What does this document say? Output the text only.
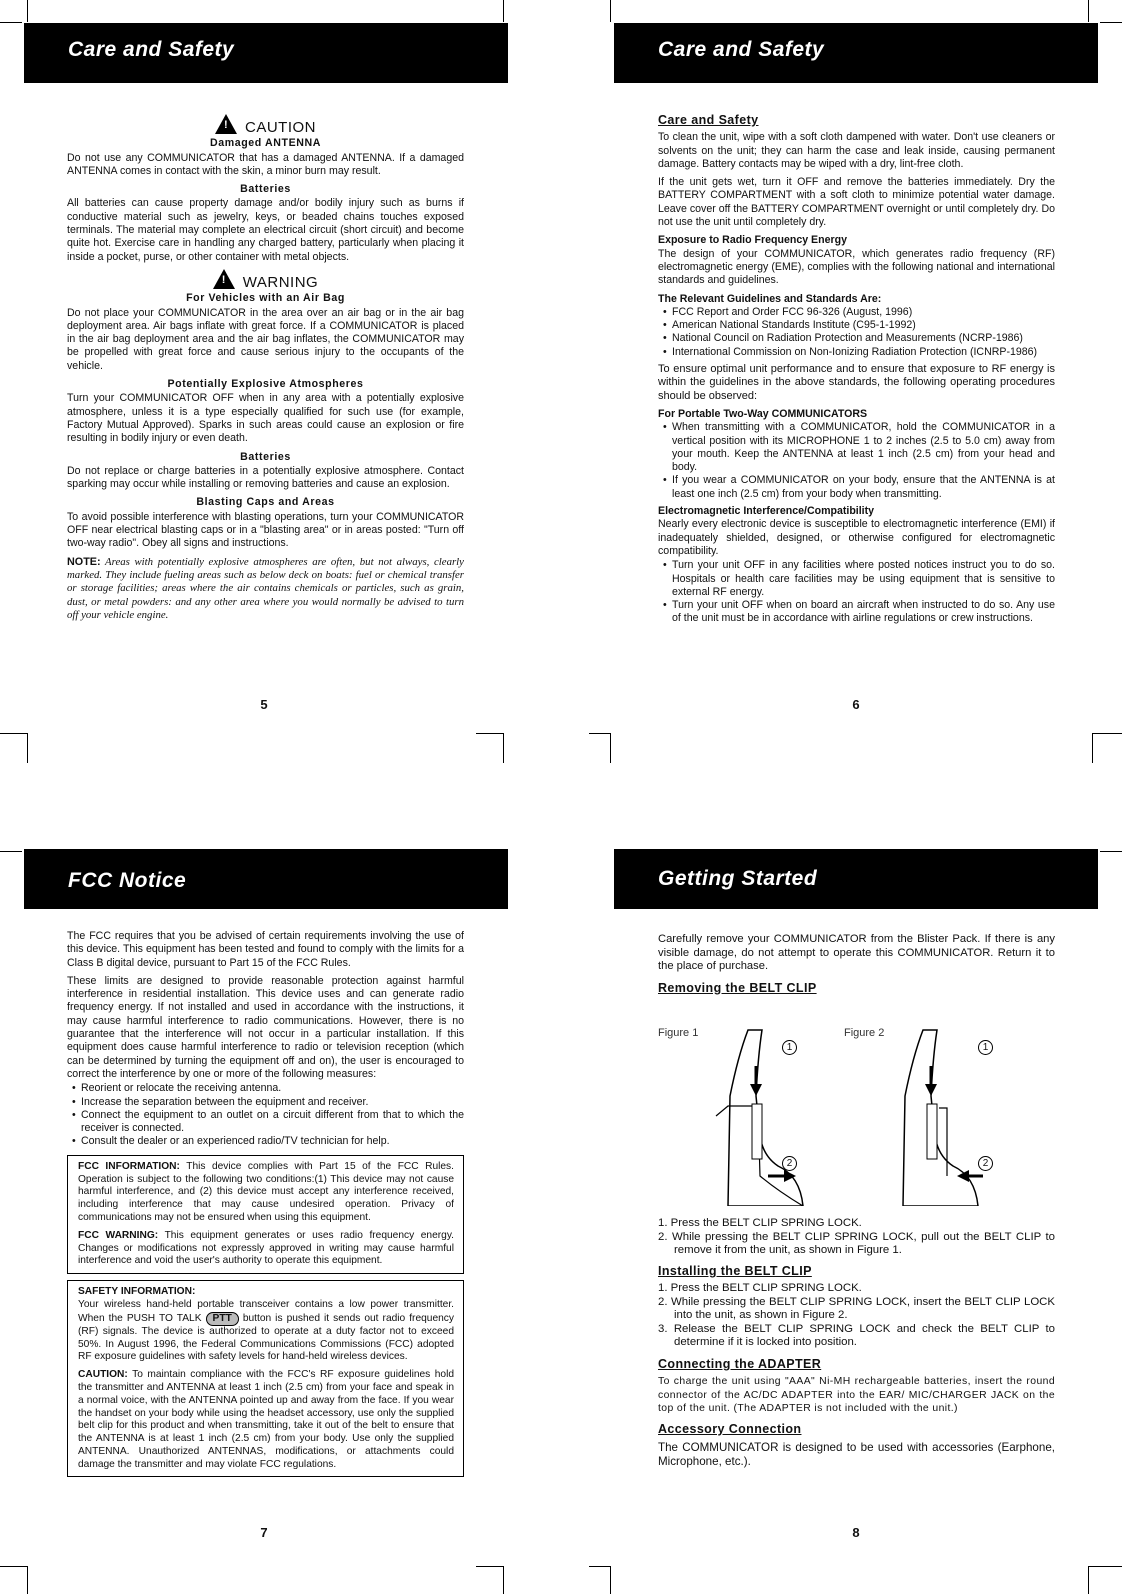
Care and Safety
! CAUTION
Damaged ANTENNA

Do not use any COMMUNICATOR that has a damaged ANTENNA. If a damaged ANTENNA comes in contact with the skin, a minor burn may result.

Batteries

All batteries can cause property damage and/or bodily injury such as burns if conductive material such as jewelry, keys, or beaded chains touches exposed terminals. The material may complete an electrical circuit (short circuit) and become quite hot. Exercise care in handling any charged battery, particularly when placing it inside a pocket, purse, or other container with metal objects.

! WARNING
For Vehicles with an Air Bag

Do not place your COMMUNICATOR in the area over an air bag or in the air bag deployment area. Air bags inflate with great force. If a COMMUNICATOR is placed in the air bag deployment area and the air bag inflates, the COMMUNICATOR may be propelled with great force and cause serious injury to the occupants of the vehicle.

Potentially Explosive Atmospheres

Turn your COMMUNICATOR OFF when in any area with a potentially explosive atmosphere, unless it is a type especially qualified for such use (for example, Factory Mutual Approved). Sparks in such areas could cause an explosion or fire resulting in bodily injury or even death.

Batteries

Do not replace or charge batteries in a potentially explosive atmosphere. Contact sparking may occur while installing or removing batteries and cause an explosion.

Blasting Caps and Areas

To avoid possible interference with blasting operations, turn your COMMUNICATOR OFF near electrical blasting caps or in a "blasting area" or in areas posted: "Turn off two-way radio". Obey all signs and instructions.

NOTE: Areas with potentially explosive atmospheres are often, but not always, clearly marked. They include fueling areas such as below deck on boats: fuel or chemical transfer or storage facilities; areas where the air contains chemicals or particles, such as grain, dust, or metal powders: and any other area where you would normally be advised to turn off your vehicle engine.
5
Care and Safety
Care and Safety

To clean the unit, wipe with a soft cloth dampened with water. Don't use cleaners or solvents on the unit; they can harm the case and leak inside, causing permanent damage. Battery contacts may be wiped with a dry, lint-free cloth.

If the unit gets wet, turn it OFF and remove the batteries immediately. Dry the BATTERY COMPARTMENT with a soft cloth to minimize potential water damage. Leave cover off the BATTERY COMPARTMENT overnight or until completely dry. Do not use the unit until completely dry.

Exposure to Radio Frequency Energy

The design of your COMMUNICATOR, which generates radio frequency (RF) electromagnetic energy (EME), complies with the following national and international standards and guidelines.

The Relevant Guidelines and Standards Are:
• FCC Report and Order FCC 96-326 (August, 1996)
• American National Standards Institute (C95-1-1992)
• National Council on Radiation Protection and Measurements (NCRP-1986)
• International Commission on Non-Ionizing Radiation Protection (ICNRP-1986)

To ensure optimal unit performance and to ensure that exposure to RF energy is within the guidelines in the above standards, the following operating procedures should be observed:

For Portable Two-Way COMMUNICATORS
• When transmitting with a COMMUNICATOR, hold the COMMUNICATOR in a vertical position with its MICROPHONE 1 to 2 inches (2.5 to 5.0 cm) away from your mouth. Keep the ANTENNA at least 1 inch (2.5 cm) from your head and body.
• If you wear a COMMUNICATOR on your body, ensure that the ANTENNA is at least one inch (2.5 cm) from your body when transmitting.
Electromagnetic Interference/Compatibility

Nearly every electronic device is susceptible to electromagnetic interference (EMI) if inadequately shielded, designed, or otherwise configured for electromagnetic compatibility.

• Turn your unit OFF in any facilities where posted notices instruct you to do so. Hospitals or health care facilities may be using equipment that is sensitive to external RF energy.
• Turn your unit OFF when on board an aircraft when instructed to do so. Any use of the unit must be in accordance with airline regulations or crew instructions.
6
FCC Notice

The FCC requires that you be advised of certain requirements involving the use of this device. This equipment has been tested and found to comply with the limits for a Class B digital device, pursuant to Part 15 of the FCC Rules.

These limits are designed to provide reasonable protection against harmful interference in residential installation. This device uses and can generate radio frequency energy. If not installed and used in accordance with the instructions, it may cause harmful interference to radio communications. However, there is no guarantee that the interference will not occur in a particular installation. If this equipment does cause harmful interference to radio or television reception (which can be determined by turning the equipment off and on), the user is encouraged to correct the interference by one or more of the following measures:

• Reorient or relocate the receiving antenna.
• Increase the separation between the equipment and receiver.
• Connect the equipment to an outlet on a circuit different from that to which the receiver is connected.
• Consult the dealer or an experienced radio/TV technician for help.

FCC INFORMATION: This device complies with Part 15 of the FCC Rules. Operation is subject to the following two conditions:(1) This device may not cause harmful interference, and (2) this device must accept any interference received, including interference that may cause undesired operation. Privacy of communications may not be ensured when using this equipment.

FCC WARNING: This equipment generates or uses radio frequency energy. Changes or modifications not expressly approved in writing may cause harmful interference and void the user's authority to operate this equipment.

SAFETY INFORMATION:
Your wireless hand-held portable transceiver contains a low power transmitter. When the PUSH TO TALK PTT button is pushed it sends out radio frequency (RF) signals. The device is authorized to operate at a duty factor not to exceed 50%. In August 1996, the Federal Communications Commissions (FCC) adopted RF exposure guidelines with safety levels for hand-held wireless devices.

CAUTION: To maintain compliance with the FCC's RF exposure guidelines hold the transmitter and ANTENNA at least 1 inch (2.5 cm) from your face and speak in a normal voice, with the ANTENNA pointed up and away from the face. If you wear the handset on your body while using the headset accessory, use only the supplied belt clip for this product and when transmitting, take it out of the belt to ensure that the ANTENNA is at least 1 inch (2.5 cm) from your body. Use only the supplied ANTENNA. Unauthorized ANTENNAS, modifications, or attachments could damage the transmitter and may violate FCC regulations.

7
Getting Started

Carefully remove your COMMUNICATOR from the Blister Pack. If there is any visible damage, do not attempt to operate this COMMUNICATOR. Return it to the place of purchase.

Removing the BELT CLIP
Figure 1	Figure 2
1
2
1
2
1. Press the BELT CLIP SPRING LOCK.
2. While pressing the BELT CLIP SPRING LOCK, pull out the BELT CLIP to remove it from the unit, as shown in Figure 1.
Installing the BELT CLIP
1. Press the BELT CLIP SPRING LOCK.
2. While pressing the BELT CLIP SPRING LOCK, insert the BELT CLIP LOCK into the unit, as shown in Figure 2.
3. Release the BELT CLIP SPRING LOCK and check the BELT CLIP to determine if it is locked into position.
Connecting the ADAPTER

To charge the unit using "AAA" Ni-MH rechargeable batteries, insert the round connector of the AC/DC ADAPTER into the EAR/ MIC/CHARGER JACK on the top of the unit. (The ADAPTER is not included with the unit.)

Accessory Connection

The COMMUNICATOR is designed to be used with accessories (Earphone, Microphone, etc.).

8
